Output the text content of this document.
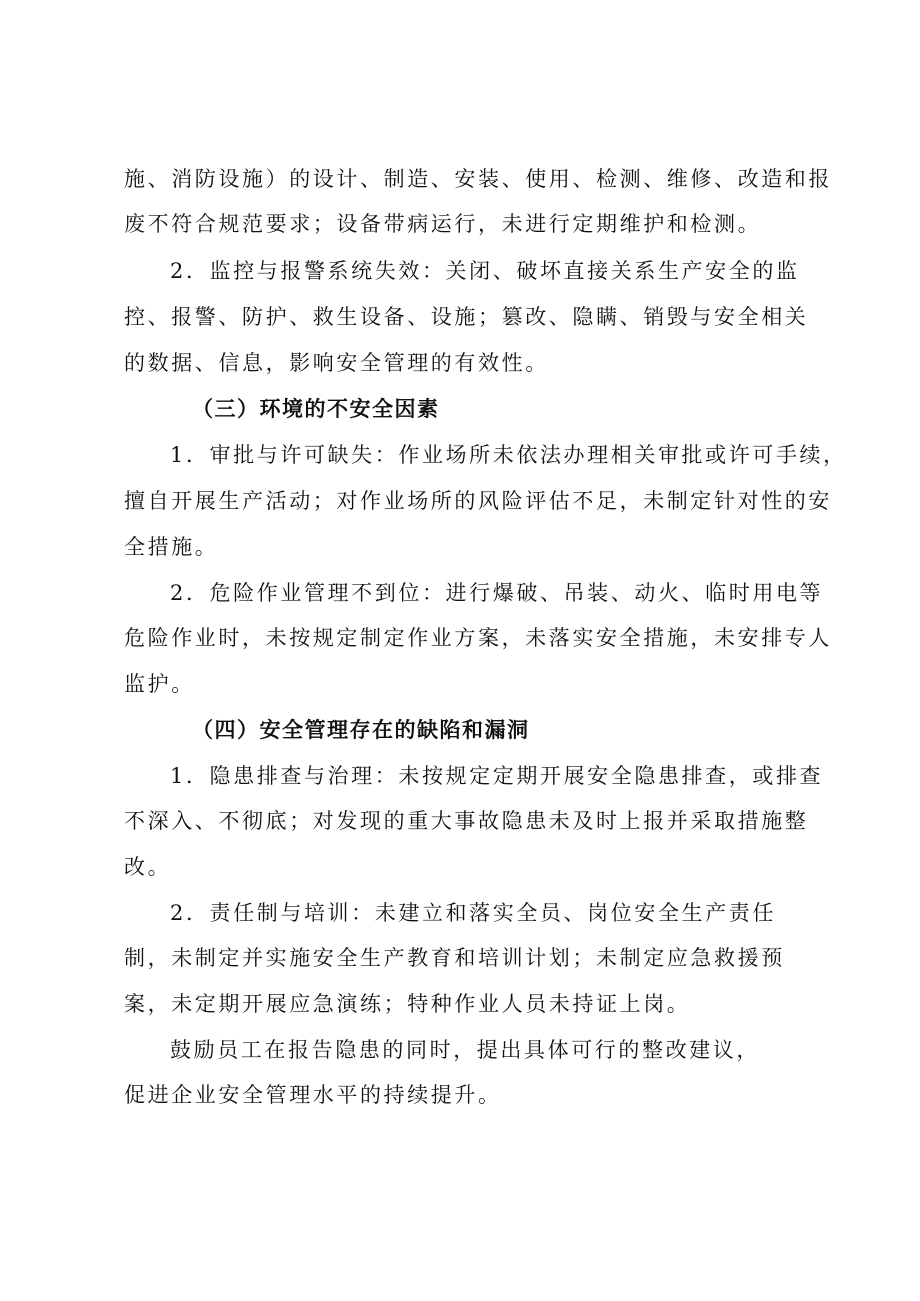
施、消防设施）的设计、制造、安装、使用、检测、维修、改造和报
废不符合规范要求；设备带病运行，未进行定期维护和检测。
2．监控与报警系统失效：关闭、破坏直接关系生产安全的监
控、报警、防护、救生设备、设施；篡改、隐瞒、销毁与安全相关
的数据、信息，影响安全管理的有效性。
（三）环境的不安全因素
1．审批与许可缺失：作业场所未依法办理相关审批或许可手续，
擅自开展生产活动；对作业场所的风险评估不足，未制定针对性的安
全措施。
2．危险作业管理不到位：进行爆破、吊装、动火、临时用电等
危险作业时，未按规定制定作业方案，未落实安全措施，未安排专人
监护。
（四）安全管理存在的缺陷和漏洞
1．隐患排查与治理：未按规定定期开展安全隐患排查，或排查
不深入、不彻底；对发现的重大事故隐患未及时上报并采取措施整
改。
2．责任制与培训：未建立和落实全员、岗位安全生产责任
制，未制定并实施安全生产教育和培训计划；未制定应急救援预
案，未定期开展应急演练；特种作业人员未持证上岗。
鼓励员工在报告隐患的同时，提出具体可行的整改建议，
促进企业安全管理水平的持续提升。
